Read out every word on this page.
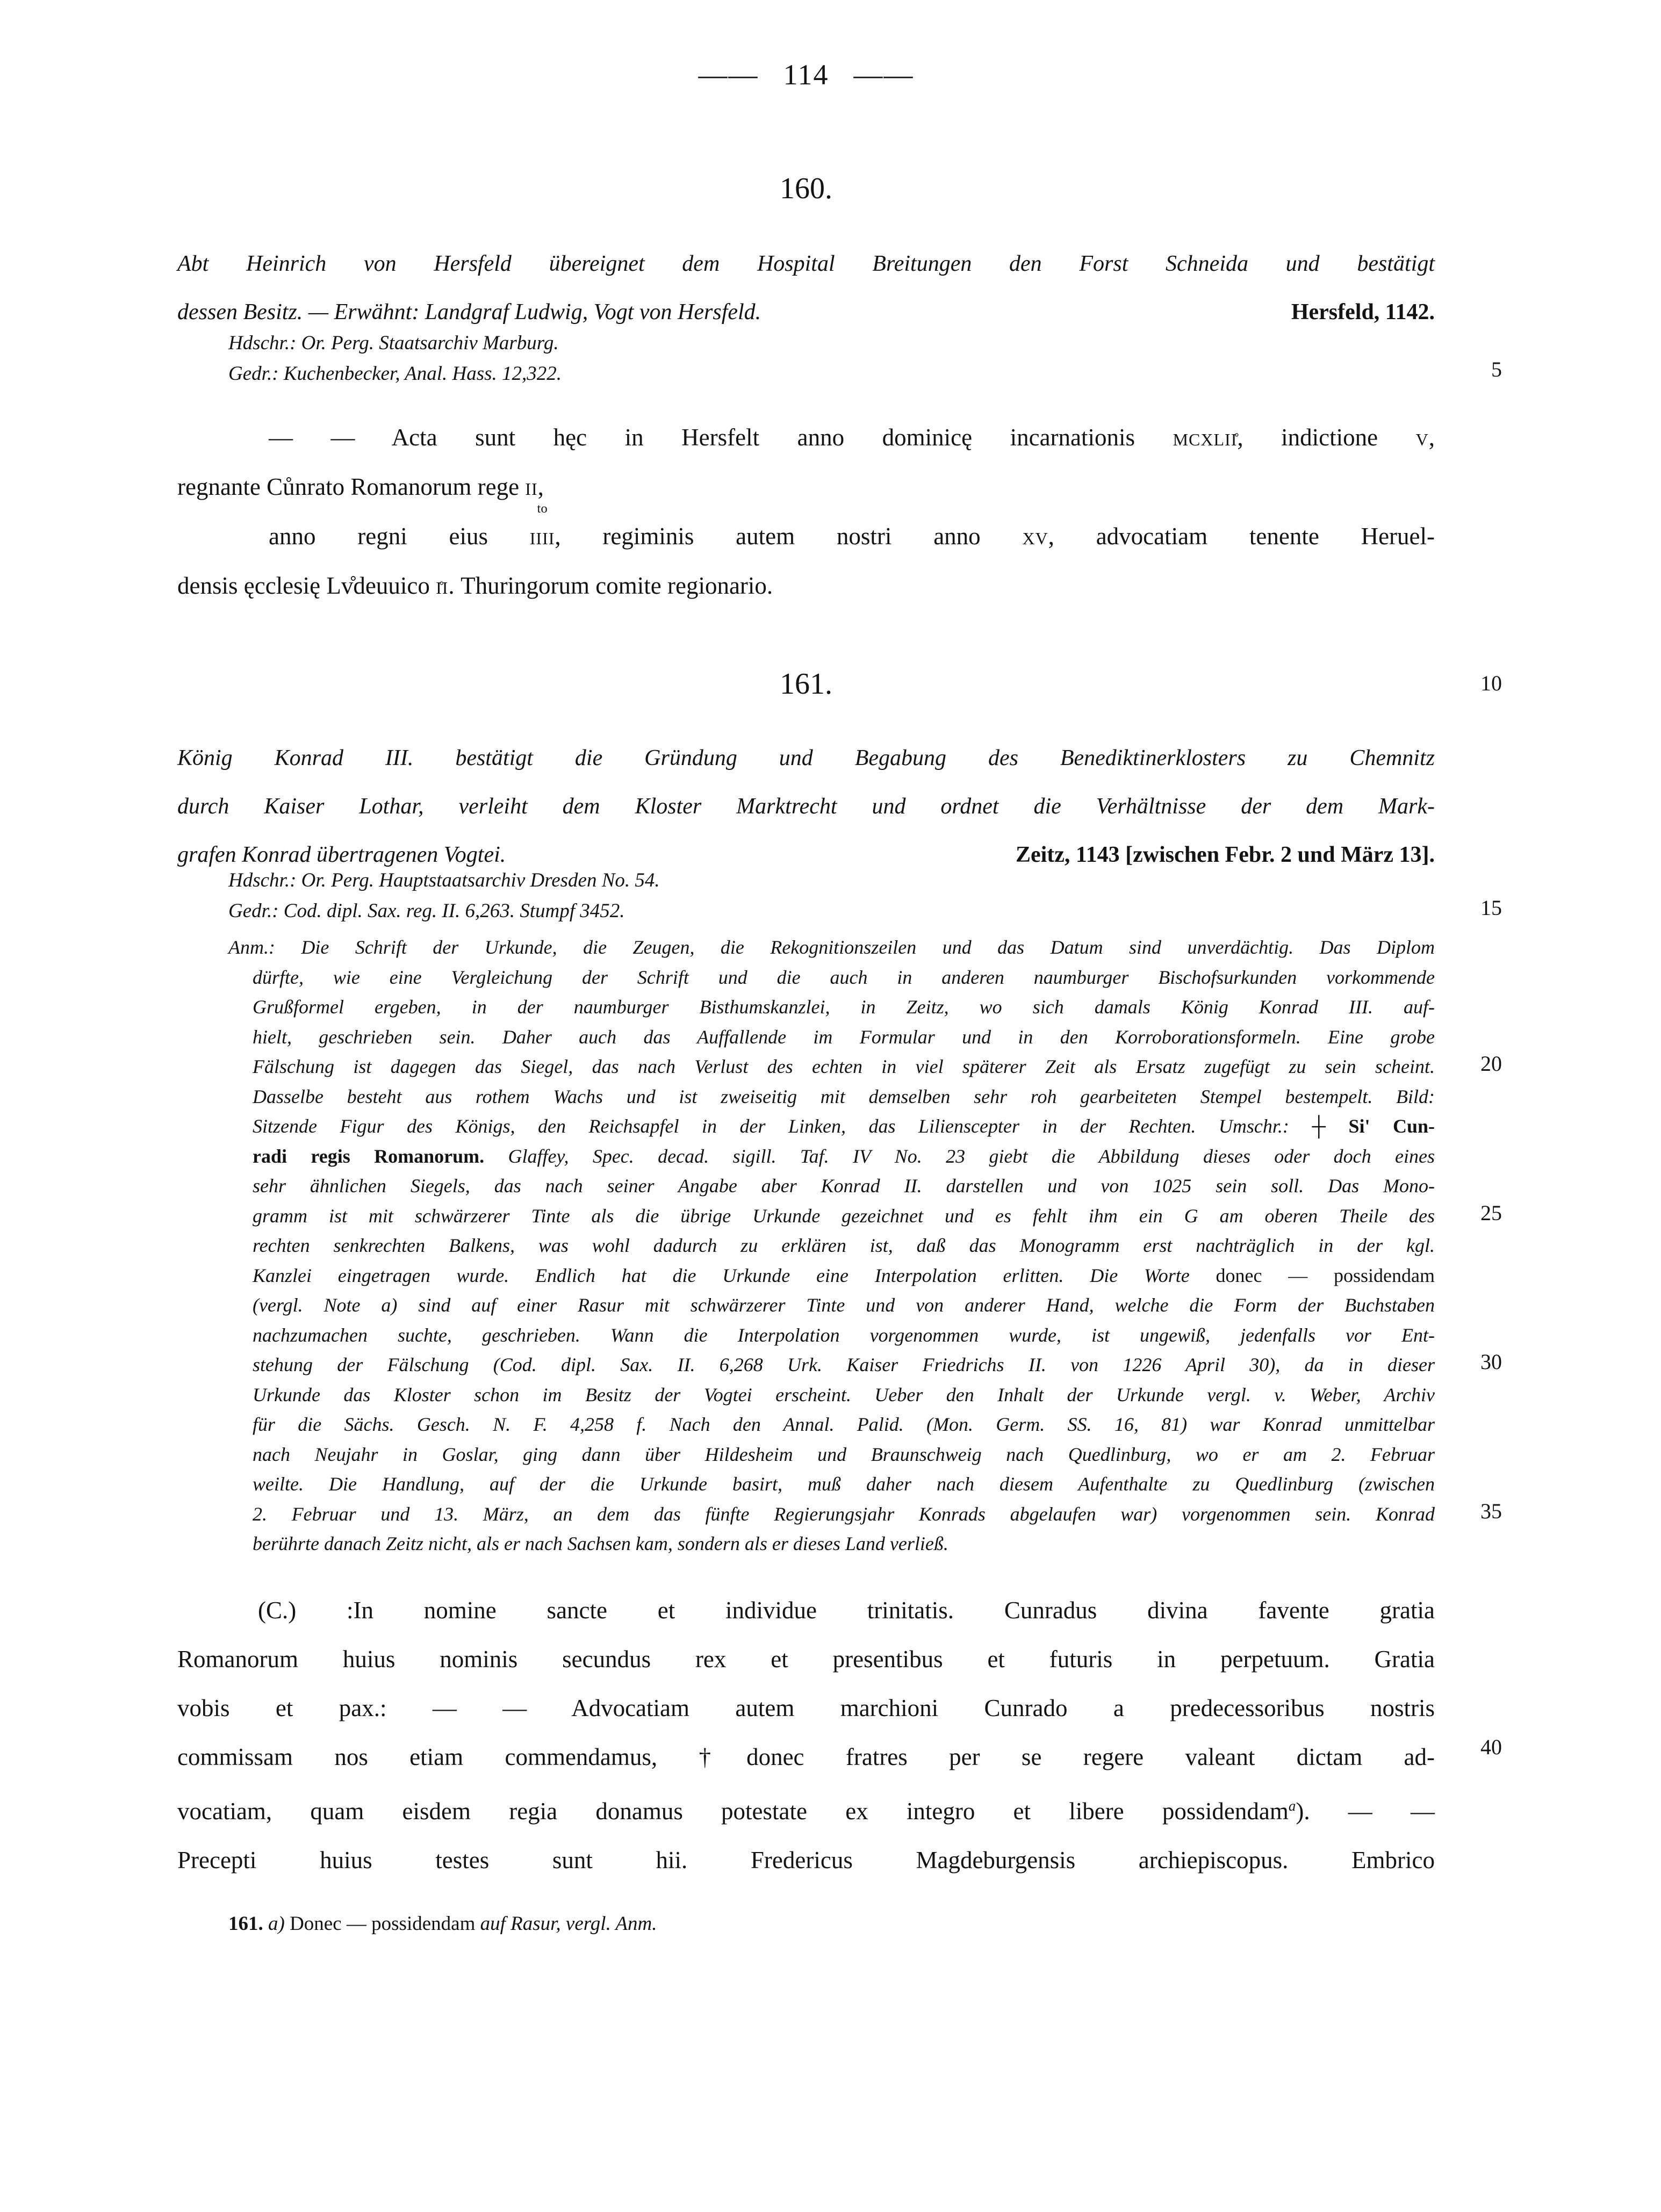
—— 114 ——
5
10
15
20
25
30
35
40
160.
Abt Heinrich von Hersfeld übereignet dem Hospital Breitungen den Forst Schneida und bestätigt
dessen Besitz. — Erwähnt: Landgraf Ludwig, Vogt von Hersfeld.	Hersfeld, 1142.
Hdschr.: Or. Perg. Staatsarchiv Marburg.
Gedr.: Kuchenbecker, Anal. Hass. 12,322.
— — Acta sunt hęc in Hersfelt anno dominicę incarnationis mcxlii̊, indictione v,
regnante Cůnrato Romanorum rege ii,
anno regni eius
to
iiii, regiminis autem nostri anno xv, advocatiam tenente Heruel-
densis ęcclesię Lv̊deuuico i̊i. Thuringorum comite regionario.
161.
König Konrad III. bestätigt die Gründung und Begabung des Benediktinerklosters zu Chemnitz
durch Kaiser Lothar, verleiht dem Kloster Marktrecht und ordnet die Verhältnisse der dem Mark-
grafen Konrad übertragenen Vogtei.	Zeitz, 1143 [zwischen Febr. 2 und März 13].
Hdschr.: Or. Perg. Hauptstaatsarchiv Dresden No. 54.
Gedr.: Cod. dipl. Sax. reg. II. 6,263. Stumpf 3452.
Anm.: Die Schrift der Urkunde, die Zeugen, die Rekognitionszeilen und das Datum sind unverdächtig. Das Diplom
dürfte, wie eine Vergleichung der Schrift und die auch in anderen naumburger Bischofsurkunden vorkommende
Grußformel ergeben, in der naumburger Bisthumskanzlei, in Zeitz, wo sich damals König Konrad III. auf-
hielt, geschrieben sein. Daher auch das Auffallende im Formular und in den Korroborationsformeln. Eine grobe
Fälschung ist dagegen das Siegel, das nach Verlust des echten in viel späterer Zeit als Ersatz zugefügt zu sein scheint.
Dasselbe besteht aus rothem Wachs und ist zweiseitig mit demselben sehr roh gearbeiteten Stempel bestempelt. Bild:
Sitzende Figur des Königs, den Reichsapfel in der Linken, das Lilienscepter in der Rechten. Umschr.: ┼ Si' Cun-
radi regis Romanorum. Glaffey, Spec. decad. sigill. Taf. IV No. 23 giebt die Abbildung dieses oder doch eines
sehr ähnlichen Siegels, das nach seiner Angabe aber Konrad II. darstellen und von 1025 sein soll. Das Mono-
gramm ist mit schwärzerer Tinte als die übrige Urkunde gezeichnet und es fehlt ihm ein G am oberen Theile des
rechten senkrechten Balkens, was wohl dadurch zu erklären ist, daß das Monogramm erst nachträglich in der kgl.
Kanzlei eingetragen wurde. Endlich hat die Urkunde eine Interpolation erlitten. Die Worte donec — possidendam
(vergl. Note a) sind auf einer Rasur mit schwärzerer Tinte und von anderer Hand, welche die Form der Buchstaben
nachzumachen suchte, geschrieben. Wann die Interpolation vorgenommen wurde, ist ungewiß, jedenfalls vor Ent-
stehung der Fälschung (Cod. dipl. Sax. II. 6,268 Urk. Kaiser Friedrichs II. von 1226 April 30), da in dieser
Urkunde das Kloster schon im Besitz der Vogtei erscheint. Ueber den Inhalt der Urkunde vergl. v. Weber, Archiv
für die Sächs. Gesch. N. F. 4,258 f. Nach den Annal. Palid. (Mon. Germ. SS. 16, 81) war Konrad unmittelbar
nach Neujahr in Goslar, ging dann über Hildesheim und Braunschweig nach Quedlinburg, wo er am 2. Februar
weilte. Die Handlung, auf der die Urkunde basirt, muß daher nach diesem Aufenthalte zu Quedlinburg (zwischen
2. Februar und 13. März, an dem das fünfte Regierungsjahr Konrads abgelaufen war) vorgenommen sein. Konrad
berührte danach Zeitz nicht, als er nach Sachsen kam, sondern als er dieses Land verließ.
(C.) :In nomine sancte et individue trinitatis. Cunradus divina favente gratia
Romanorum huius nominis secundus rex et presentibus et futuris in perpetuum. Gratia
vobis et pax.: — — Advocatiam autem marchioni Cunrado a predecessoribus nostris
commissam nos etiam commendamus, †donec fratres per se regere valeant dictam ad-
vocatiam, quam eisdem regia donamus potestate ex integro et libere possidendam$^a$). — —
Precepti huius testes sunt hii. Fredericus Magdeburgensis archiepiscopus. Embrico
161. a) Donec — possidendam auf Rasur, vergl. Anm.
